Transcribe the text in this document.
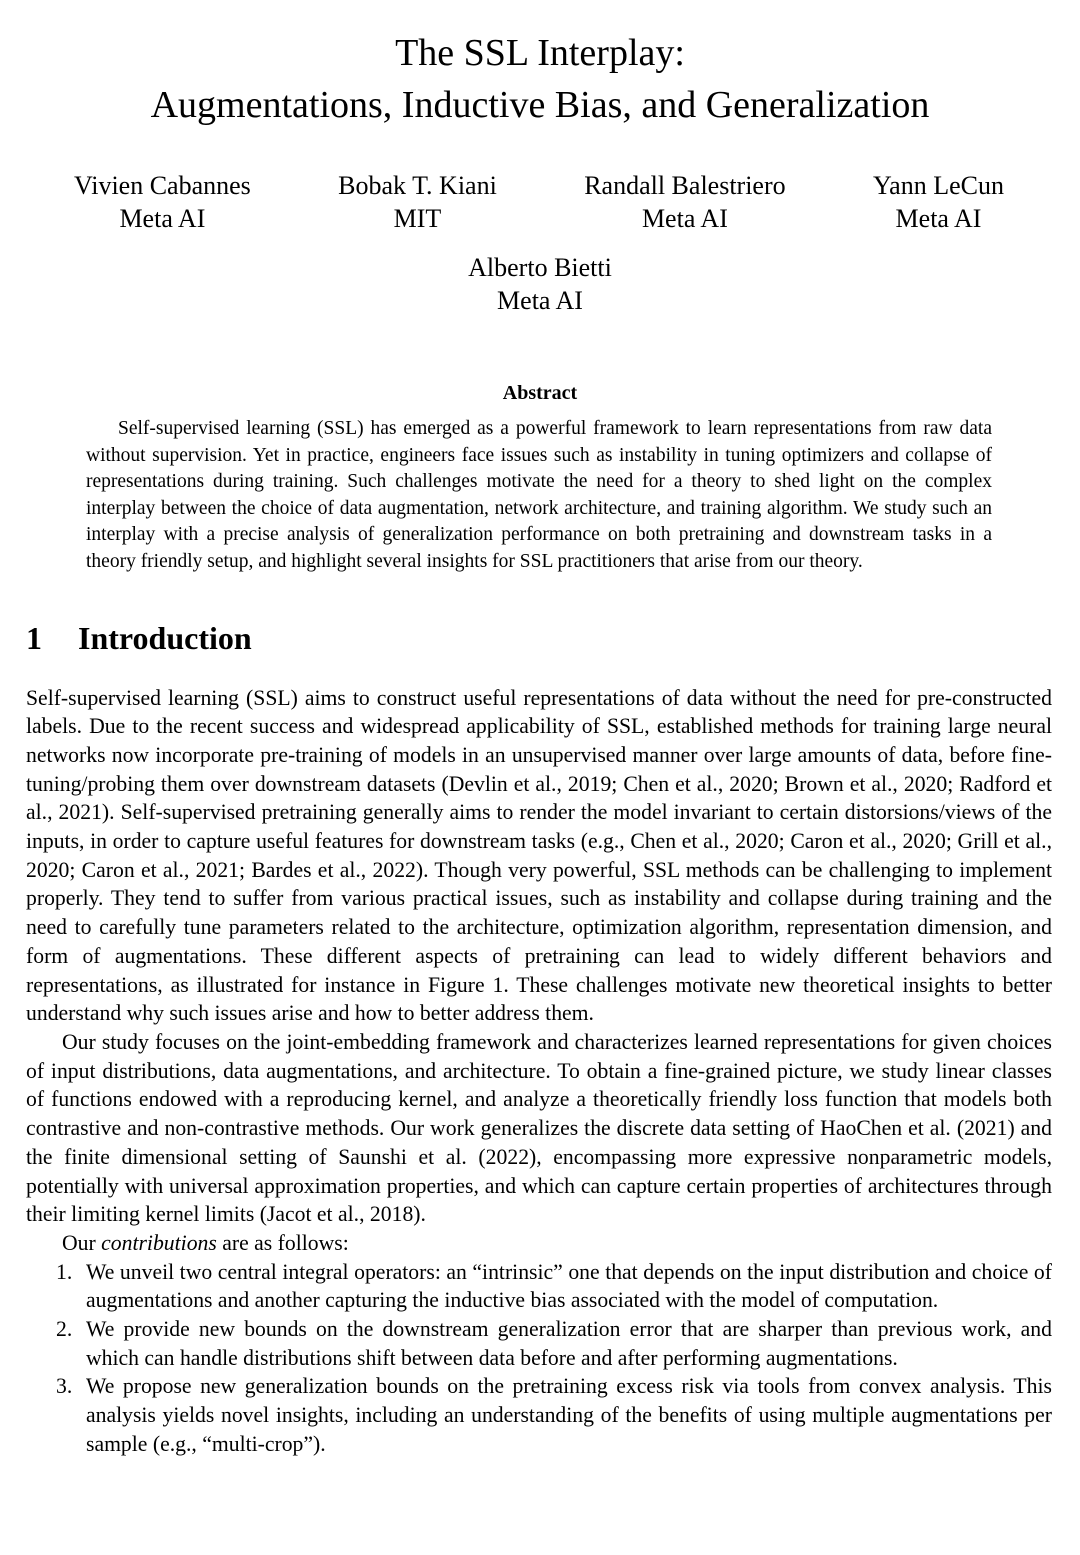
The SSL Interplay:
Augmentations, Inductive Bias, and Generalization
Vivien Cabannes
Meta AI
Bobak T. Kiani
MIT
Randall Balestriero
Meta AI
Yann LeCun
Meta AI
Alberto Bietti
Meta AI
Abstract

Self-supervised learning (SSL) has emerged as a powerful framework to learn representations from raw data without supervision. Yet in practice, engineers face issues such as instability in tuning optimizers and collapse of representations during training. Such challenges motivate the need for a theory to shed light on the complex interplay between the choice of data augmentation, network architecture, and training algorithm. We study such an interplay with a precise analysis of generalization performance on both pretraining and downstream tasks in a theory friendly setup, and highlight several insights for SSL practitioners that arise from our theory.

1 Introduction

Self-supervised learning (SSL) aims to construct useful representations of data without the need for pre-constructed labels. Due to the recent success and widespread applicability of SSL, established methods for training large neural networks now incorporate pre-training of models in an unsupervised manner over large amounts of data, before fine-tuning/probing them over downstream datasets (Devlin et al., 2019; Chen et al., 2020; Brown et al., 2020; Radford et al., 2021). Self-supervised pretraining generally aims to render the model invariant to certain distorsions/views of the inputs, in order to capture useful features for downstream tasks (e.g., Chen et al., 2020; Caron et al., 2020; Grill et al., 2020; Caron et al., 2021; Bardes et al., 2022). Though very powerful, SSL methods can be challenging to implement properly. They tend to suffer from various practical issues, such as instability and collapse during training and the need to carefully tune parameters related to the architecture, optimization algorithm, representation dimension, and form of augmentations. These different aspects of pretraining can lead to widely different behaviors and representations, as illustrated for instance in Figure 1. These challenges motivate new theoretical insights to better understand why such issues arise and how to better address them.

Our study focuses on the joint-embedding framework and characterizes learned representations for given choices of input distributions, data augmentations, and architecture. To obtain a fine-grained picture, we study linear classes of functions endowed with a reproducing kernel, and analyze a theoretically friendly loss function that models both contrastive and non-contrastive methods. Our work generalizes the discrete data setting of HaoChen et al. (2021) and the finite dimensional setting of Saunshi et al. (2022), encompassing more expressive nonparametric models, potentially with universal approximation properties, and which can capture certain properties of architectures through their limiting kernel limits (Jacot et al., 2018).

Our contributions are as follows:

1. We unveil two central integral operators: an “intrinsic” one that depends on the input distribution and choice of augmentations and another capturing the inductive bias associated with the model of computation.
2. We provide new bounds on the downstream generalization error that are sharper than previous work, and which can handle distributions shift between data before and after performing augmentations.
3. We propose new generalization bounds on the pretraining excess risk via tools from convex analysis. This analysis yields novel insights, including an understanding of the benefits of using multiple augmentations per sample (e.g., “multi-crop”).
